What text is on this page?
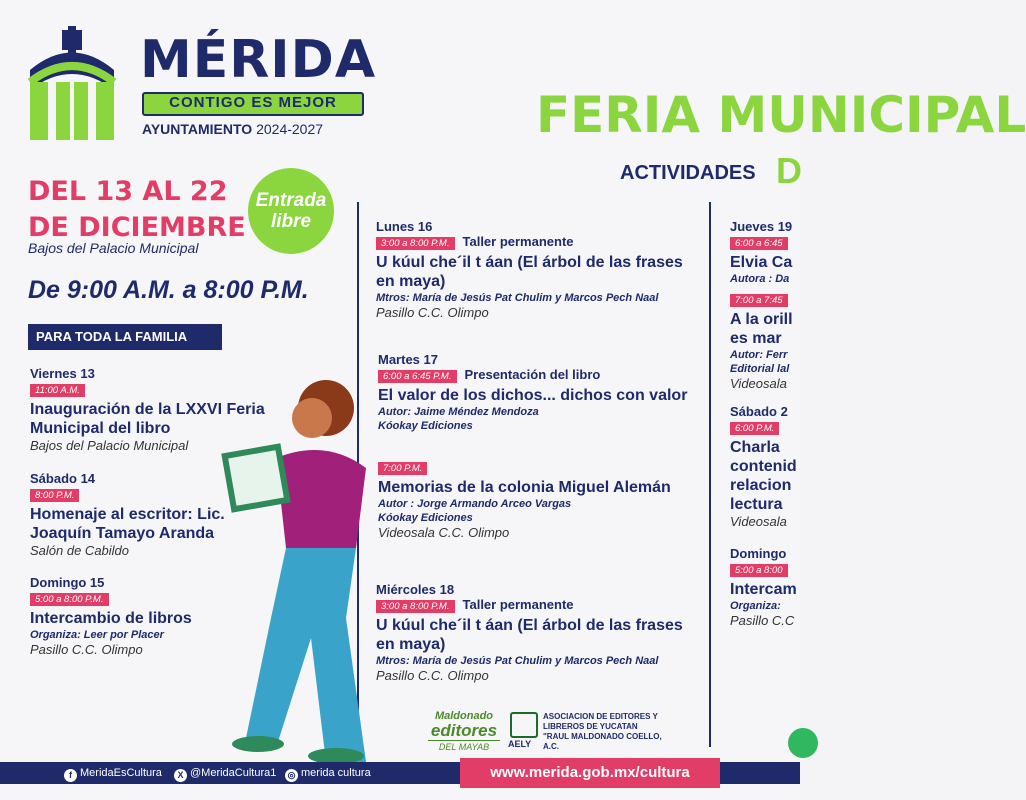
MÉRIDA
CONTIGO ES MEJOR
AYUNTAMIENTO 2024-2027	FERIA MUNICIPAL
ACTIVIDADES D
DEL 13 AL 22
DE DICIEMBRE
Bajos del Palacio Municipal
Entrada
libre
De 9:00 A.M. a 8:00 P.M.
PARA TODA LA FAMILIA
Viernes 13
11:00 A.M.
Inauguración de la LXXVI Feria Municipal del libro
Bajos del Palacio Municipal
Sábado 14
8:00 P.M.
Homenaje al escritor: Lic. Joaquín Tamayo Aranda
Salón de Cabildo
Domingo 15
5:00 a 8:00 P.M.
Intercambio de libros
Organiza: Leer por Placer
Pasillo C.C. Olimpo
Lunes 16
3:00 a 8:00 P.M. Taller permanente
U kúul che´il t áan (El árbol de las frases en maya)
Mtros: María de Jesús Pat Chulim y Marcos Pech Naal
Pasillo C.C. Olimpo
Martes 17
6:00 a 6:45 P.M. Presentación del libro
El valor de los dichos... dichos con valor
Autor: Jaime Méndez Mendoza
Kóokay Ediciones
7:00 P.M.
Memorias de la colonia Miguel Alemán
Autor : Jorge Armando Arceo Vargas
Kóokay Ediciones
Videosala C.C. Olimpo
Miércoles 18
3:00 a 8:00 P.M. Taller permanente
U kúul che´il t áan (El árbol de las frases en maya)
Mtros: María de Jesús Pat Chulim y Marcos Pech Naal
Pasillo C.C. Olimpo
Jueves 19
6:00 a 6:45
Elvia Ca
Autora : Da
7:00 a 7:45
A la orill
es mar
Autor: Ferr
Editorial lal
Videosala
Sábado 2
6:00 P.M.
Charla
contenid
relacion
lectura
Videosala
Domingo
5:00 a 8:00
Intercam
Organiza:
Pasillo C.C
Maldonado
editores
DEL MAYAB	AELY
ASOCIACION DE EDITORES Y LIBREROS DE YUCATAN "RAUL MALDONADO COELLO, A.C.
f MeridaEsCultura	X @MeridaCultura1 ◎ merida cultura	www.merida.gob.mx/cultura
